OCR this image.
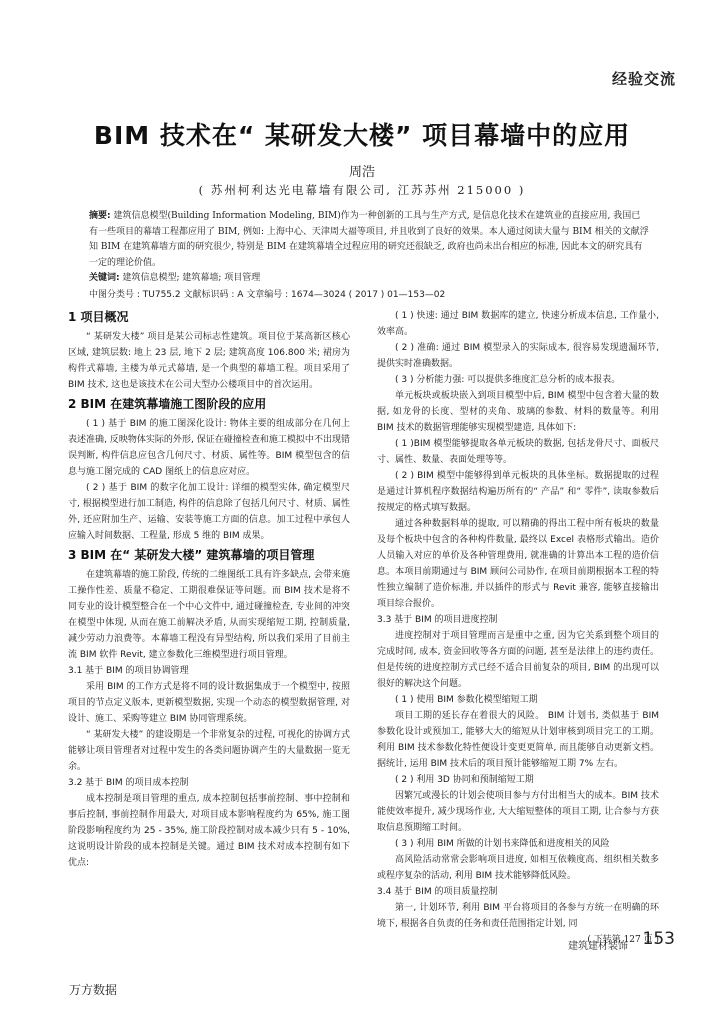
经验交流
BIM 技术在“ 某研发大楼” 项目幕墙中的应用
周浩
( 苏州柯利达光电幕墙有限公司, 江苏苏州 215000 )

摘要: 建筑信息模型(Building Information Modeling, BIM)作为一种创新的工具与生产方式, 是信息化技术在建筑业的直接应用, 我国已有一些项目的幕墙工程都应用了 BIM, 例如: 上海中心、天津周大福等项目, 并且收到了良好的效果。本人通过阅读大量与 BIM 相关的文献浮知 BIM 在建筑幕墙方面的研究很少, 特别是 BIM 在建筑幕墙全过程应用的研究还很缺乏, 政府也尚未出台相应的标准, 因此本文的研究具有一定的理论价值。

关键词: 建筑信息模型; 建筑幕墙; 项目管理

中图分类号 : TU755.2 文献标识码 : A 文章编号 : 1674—3024 ( 2017 ) 01—153—02

1 项目概况

“ 某研发大楼” 项目是某公司标志性建筑。项目位于某高新区核心区域, 建筑层数: 地上 23 层, 地下 2 层; 建筑高度 106.800 米; 裙房为构件式幕墙, 主楼为单元式幕墙, 是一个典型的幕墙工程。项目采用了 BIM 技术, 这也是该技术在公司大型办公楼项目中的首次运用。

2 BIM 在建筑幕墙施工图阶段的应用

( 1 ) 基于 BIM 的施工图深化设计: 物体主要的组成部分在几何上表述准确, 反映物体实际的外形, 保证在碰撞检查和施工模拟中不出现错误判断, 构件信息应包含几何尺寸、材质、属性等。BIM 模型包含的信息与施工图完成的 CAD 图纸上的信息应对应。

( 2 ) 基于 BIM 的数字化加工设计: 详细的模型实体, 确定模型尺寸, 根据模型进行加工制造, 构件的信息除了包括几何尺寸、材质、属性外, 还应附加生产、运输、安装等施工方面的信息。加工过程中承包人应输入时间数据、工程量, 形成 5 维的 BIM 成果。

3 BIM 在“ 某研发大楼” 建筑幕墙的项目管理

在建筑幕墙的施工阶段, 传统的二维图纸工具有许多缺点, 会带来施工操作性差、质量不稳定、工期很难保证等问题。而 BIM 技术是将不同专业的设计模型整合在一个中心文件中, 通过碰撞检查, 专业间的冲突在模型中体现, 从而在施工前解决矛盾, 从而实现缩短工期, 控制质量, 减少劳动力浪费等。本幕墙工程没有异型结构, 所以我们采用了目前主流 BIM 软件 Revit, 建立参数化三维模型进行项目管理。

3.1 基于 BIM 的项目协调管理

采用 BIM 的工作方式是将不同的设计数据集成于一个模型中, 按照项目的节点定义版本, 更新模型数据, 实现一个动态的模型数据管理, 对设计、施工、采购等建立 BIM 协同管理系统。

“ 某研发大楼” 的建设期是一个非常复杂的过程, 可视化的协调方式能够让项目管理者对过程中发生的各类问题协调产生的大量数据一览无余。

3.2 基于 BIM 的项目成本控制

成本控制是项目管理的重点, 成本控制包括事前控制、事中控制和事后控制, 事前控制作用最大, 对项目成本影响程度约为 65%, 施工图阶段影响程度约为 25 - 35%, 施工阶段控制对成本减少只有 5 - 10%, 这说明设计阶段的成本控制是关键。通过 BIM 技术对成本控制有如下优点:

( 1 ) 快速: 通过 BIM 数据库的建立, 快速分析成本信息, 工作量小, 效率高。

( 2 ) 准确: 通过 BIM 模型录入的实际成本, 很容易发现遗漏环节, 提供实时准确数据。

( 3 ) 分析能力强: 可以提供多维度汇总分析的成本报表。

单元板块或板块嵌入到项目模型中后, BIM 模型中包含着大量的数据, 如龙骨的长度、型材的夹角、玻璃的参数、材料的数量等。利用 BIM 技术的数据管理能够实现模型建造, 具体如下:

( 1 )BIM 模型能够提取各单元板块的数据, 包括龙骨尺寸、面板尺寸、属性、数量、表面处理等等。

( 2 ) BIM 模型中能够得到单元板块的具体坐标。数据提取的过程是通过计算机程序数据结构遍历所有的“ 产品” 和“ 零件”, 读取参数后按规定的格式填写数据。

通过各种数据料单的提取, 可以精确的得出工程中所有板块的数量及每个板块中包含的各种构件数量, 最终以 Excel 表格形式输出。造价人员输入对应的单价及各种管理费用, 就准确的计算出本工程的造价信息。本项目前期通过与 BIM 顾问公司协作, 在项目前期根据本工程的特性独立编制了造价标准, 并以插件的形式与 Revit 兼容, 能够直接输出项目综合报价。

3.3 基于 BIM 的项目进度控制

进度控制对于项目管理而言是重中之重, 因为它关系到整个项目的完成时间, 成本, 资金回收等各方面的问题, 甚至是法律上的违约责任。但是传统的进度控制方式已经不适合目前复杂的项目, BIM 的出现可以很好的解决这个问题。

( 1 ) 使用 BIM 参数化模型缩短工期

项目工期的延长存在着很大的风险。 BIM 计划书, 类似基于 BIM 参数化设计或预加工, 能够大大的缩短从计划审核到项目完工的工期。利用 BIM 技术参数化特性便设计变更更简单, 而且能够自动更新文档。据统计, 运用 BIM 技术后的项目预计能够缩短工期 7% 左右。

( 2 ) 利用 3D 协同和预制缩短工期

因繁冗或漫长的计划会使项目参与方付出相当大的成本。BIM 技术能使效率提升, 减少现场作业, 大大缩短整体的项目工期, 让合参与方获取信息预期缩工时间。

( 3 ) 利用 BIM 所做的计划书来降低和进度相关的风险

高风险活动常常会影响项目进度, 如相互依赖度高、组织相关数多或程序复杂的活动, 利用 BIM 技术能够降低风险。

3.4 基于 BIM 的项目质量控制

第一, 计划环节, 利用 BIM 平台将项目的各参与方统一在明确的环境下, 根据各自负责的任务和责任范围指定计划, 同

( 下转第 127 页 )

建筑建材装饰 153
万方数据
